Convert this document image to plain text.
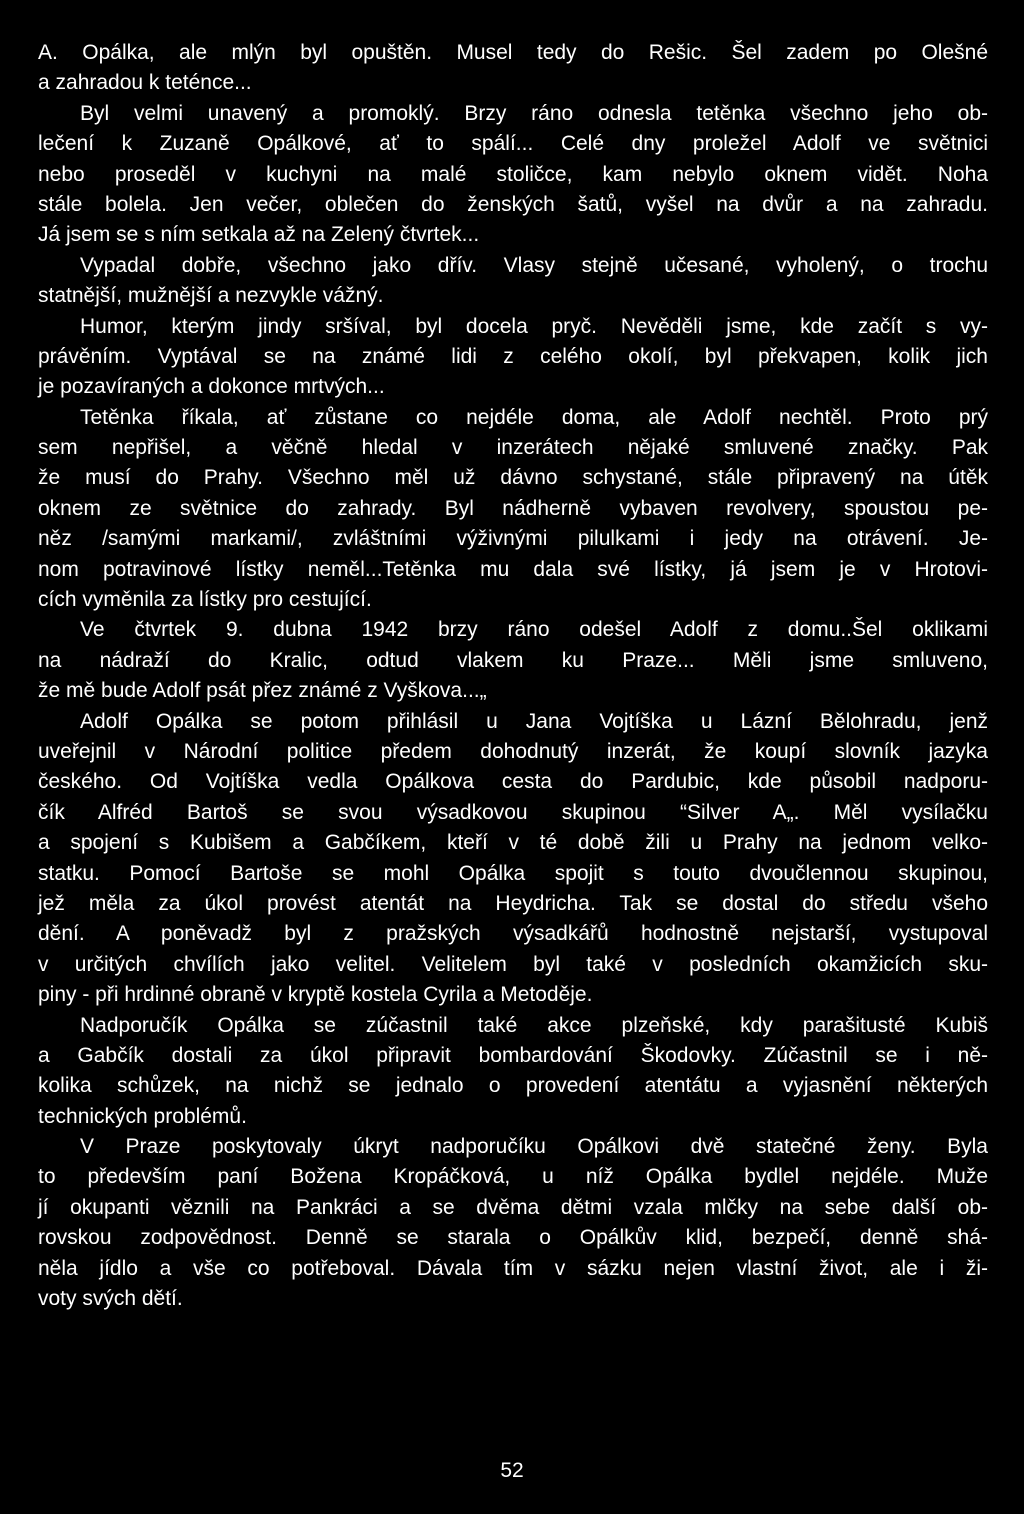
A. Opálka, ale mlýn byl opuštěn. Musel tedy do Rešic. Šel zadem po Olešné
a zahradou k teténce...
Byl velmi unavený a promoklý. Brzy ráno odnesla tetěnka všechno jeho ob-
lečení k Zuzaně Opálkové, ať to spálí... Celé dny proležel Adolf ve světnici
nebo proseděl v kuchyni na malé stoličce, kam nebylo oknem vidět. Noha
stále bolela. Jen večer, oblečen do ženských šatů, vyšel na dvůr a na zahradu.
Já jsem se s ním setkala až na Zelený čtvrtek...
Vypadal dobře, všechno jako dřív. Vlasy stejně učesané, vyholený, o trochu
statnější, mužnější a nezvykle vážný.
Humor, kterým jindy sršíval, byl docela pryč. Nevěděli jsme, kde začít s vy-
právěním. Vyptával se na známé lidi z celého okolí, byl překvapen, kolik jich
je pozavíraných a dokonce mrtvých...
Tetěnka říkala, ať zůstane co nejdéle doma, ale Adolf nechtěl. Proto prý
sem nepřišel, a věčně hledal v inzerátech nějaké smluvené značky. Pak
že musí do Prahy. Všechno měl už dávno schystané, stále připravený na útěk
oknem ze světnice do zahrady. Byl nádherně vybaven revolvery, spoustou pe-
něz /samými markami/, zvláštními výživnými pilulkami i jedy na otrávení. Je-
nom potravinové lístky neměl...Tetěnka mu dala své lístky, já jsem je v Hrotovi-
cích vyměnila za lístky pro cestující.
Ve čtvrtek 9. dubna 1942 brzy ráno odešel Adolf z domu..Šel oklikami
na nádraží do Kralic, odtud vlakem ku Praze... Měli jsme smluveno,
že mě bude Adolf psát přez známé z Vyškova...„
Adolf Opálka se potom přihlásil u Jana Vojtíška u Lázní Bělohradu, jenž
uveřejnil v Národní politice předem dohodnutý inzerát, že koupí slovník jazyka
českého. Od Vojtíška vedla Opálkova cesta do Pardubic, kde působil nadporu-
čík Alfréd Bartoš se svou výsadkovou skupinou “Silver A„. Měl vysílačku
a spojení s Kubišem a Gabčíkem, kteří v té době žili u Prahy na jednom velko-
statku. Pomocí Bartoše se mohl Opálka spojit s touto dvoučlennou skupinou,
jež měla za úkol provést atentát na Heydricha. Tak se dostal do středu všeho
dění. A poněvadž byl z pražských výsadkářů hodnostně nejstarší, vystupoval
v určitých chvílích jako velitel. Velitelem byl také v posledních okamžicích sku-
piny - při hrdinné obraně v kryptě kostela Cyrila a Metoděje.
Nadporučík Opálka se zúčastnil také akce plzeňské, kdy parašitusté Kubiš
a Gabčík dostali za úkol připravit bombardování Škodovky. Zúčastnil se i ně-
kolika schůzek, na nichž se jednalo o provedení atentátu a vyjasnění některých
technických problémů.
V Praze poskytovaly úkryt nadporučíku Opálkovi dvě statečné ženy. Byla
to především paní Božena Kropáčková, u níž Opálka bydlel nejdéle. Muže
jí okupanti věznili na Pankráci a se dvěma dětmi vzala mlčky na sebe další ob-
rovskou zodpovědnost. Denně se starala o Opálkův klid, bezpečí, denně shá-
něla jídlo a vše co potřeboval. Dávala tím v sázku nejen vlastní život, ale i ži-
voty svých dětí.
52
